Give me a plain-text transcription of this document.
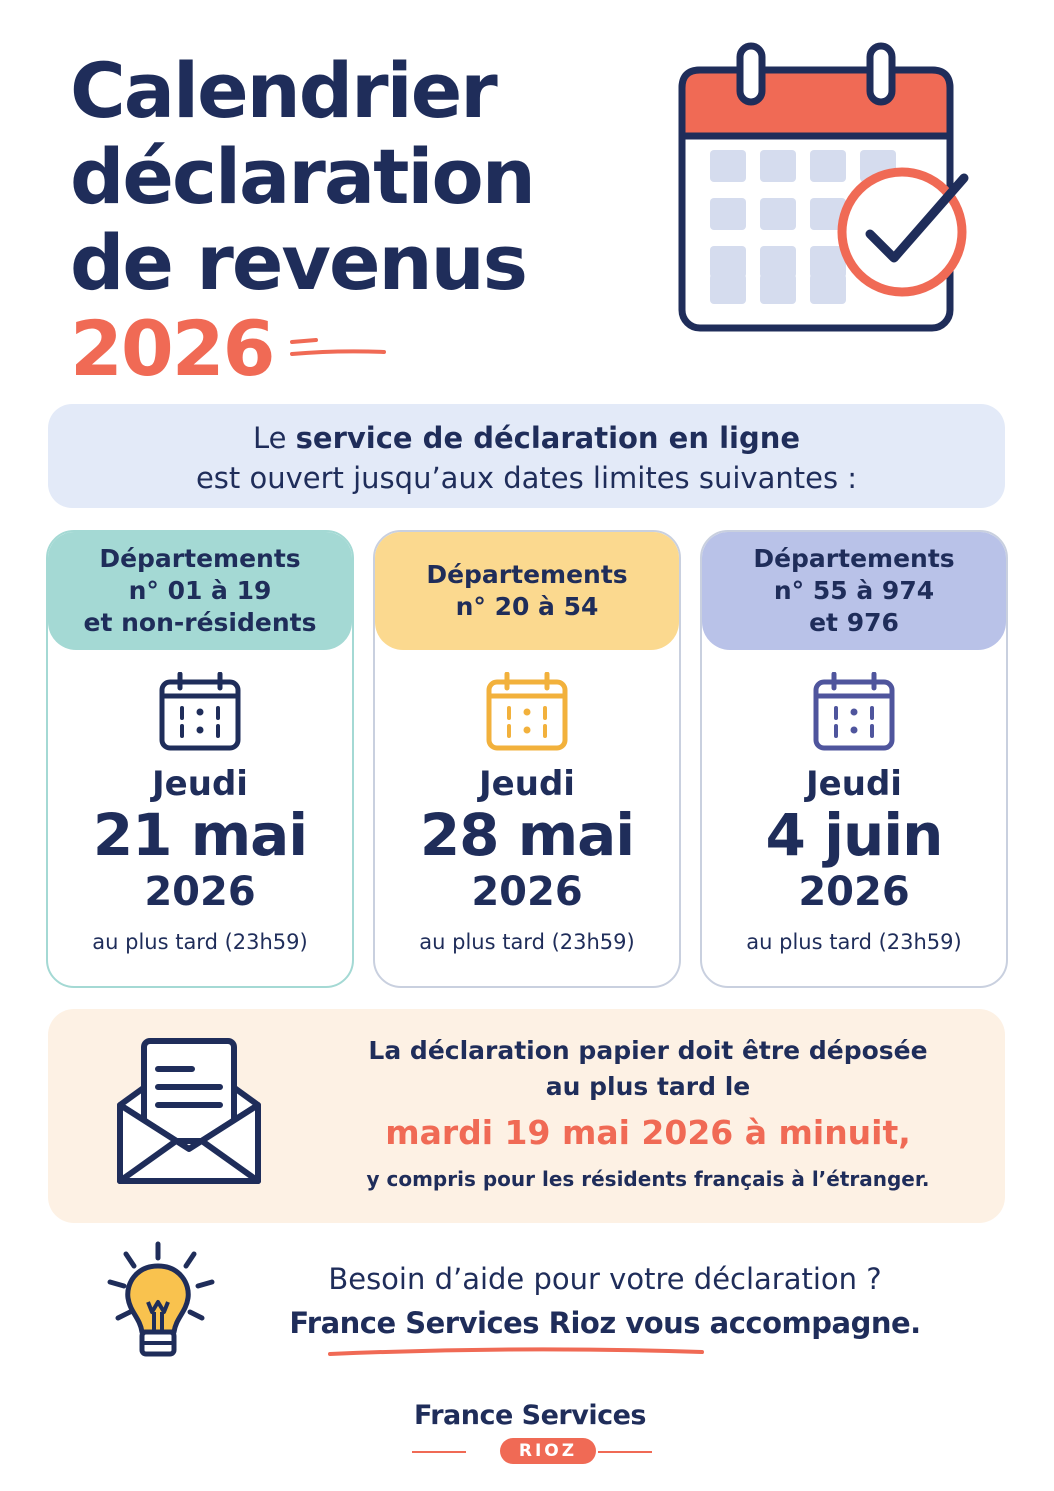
Calendrier
déclaration
de revenus
2026
Le service de déclaration en ligne
est ouvert jusqu’aux dates limites suivantes :
Départements
n° 01 à 19
et non-résidents
Jeudi
21 mai
2026
au plus tard (23h59)
Départements
n° 20 à 54
Jeudi
28 mai
2026
au plus tard (23h59)
Départements
n° 55 à 974
et 976
Jeudi
4 juin
2026
au plus tard (23h59)
La déclaration papier doit être déposée
au plus tard le
mardi 19 mai 2026 à minuit,
y compris pour les résidents français à l’étranger.
Besoin d’aide pour votre déclaration ?
France Services Rioz vous accompagne.
France Services
RIOZ
